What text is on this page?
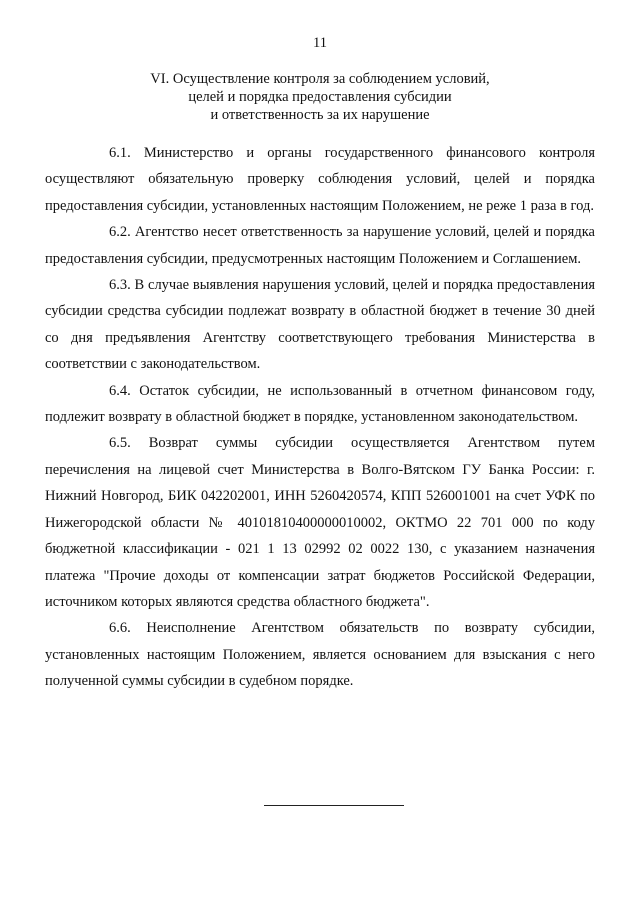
11
VI. Осуществление контроля за соблюдением условий,
целей и порядка предоставления субсидии
и ответственность за их нарушение

6.1. Министерство и органы государственного финансового контроля осуществляют обязательную проверку соблюдения условий, целей и порядка предоставления субсидии, установленных настоящим Положением, не реже 1 раза в год.

6.2. Агентство несет ответственность за нарушение условий, целей и порядка предоставления субсидии, предусмотренных настоящим Положением и Соглашением.

6.3. В случае выявления нарушения условий, целей и порядка предоставления субсидии средства субсидии подлежат возврату в областной бюджет в течение 30 дней со дня предъявления Агентству соответствующего требования Министерства в соответствии с законодательством.

6.4. Остаток субсидии, не использованный в отчетном финансовом году, подлежит возврату в областной бюджет в порядке, установленном законодательством.

6.5. Возврат суммы субсидии осуществляется Агентством путем перечисления на лицевой счет Министерства в Волго-Вятском ГУ Банка России: г. Нижний Новгород, БИК 042202001, ИНН 5260420574, КПП 526001001 на счет УФК по Нижегородской области № 40101810400000010002, ОКТМО 22 701 000 по коду бюджетной классификации - 021 1 13 02992 02 0022 130, с указанием назначения платежа "Прочие доходы от компенсации затрат бюджетов Российской Федерации, источником которых являются средства областного бюджета".

6.6. Неисполнение Агентством обязательств по возврату субсидии, установленных настоящим Положением, является основанием для взыскания с него полученной суммы субсидии в судебном порядке.
